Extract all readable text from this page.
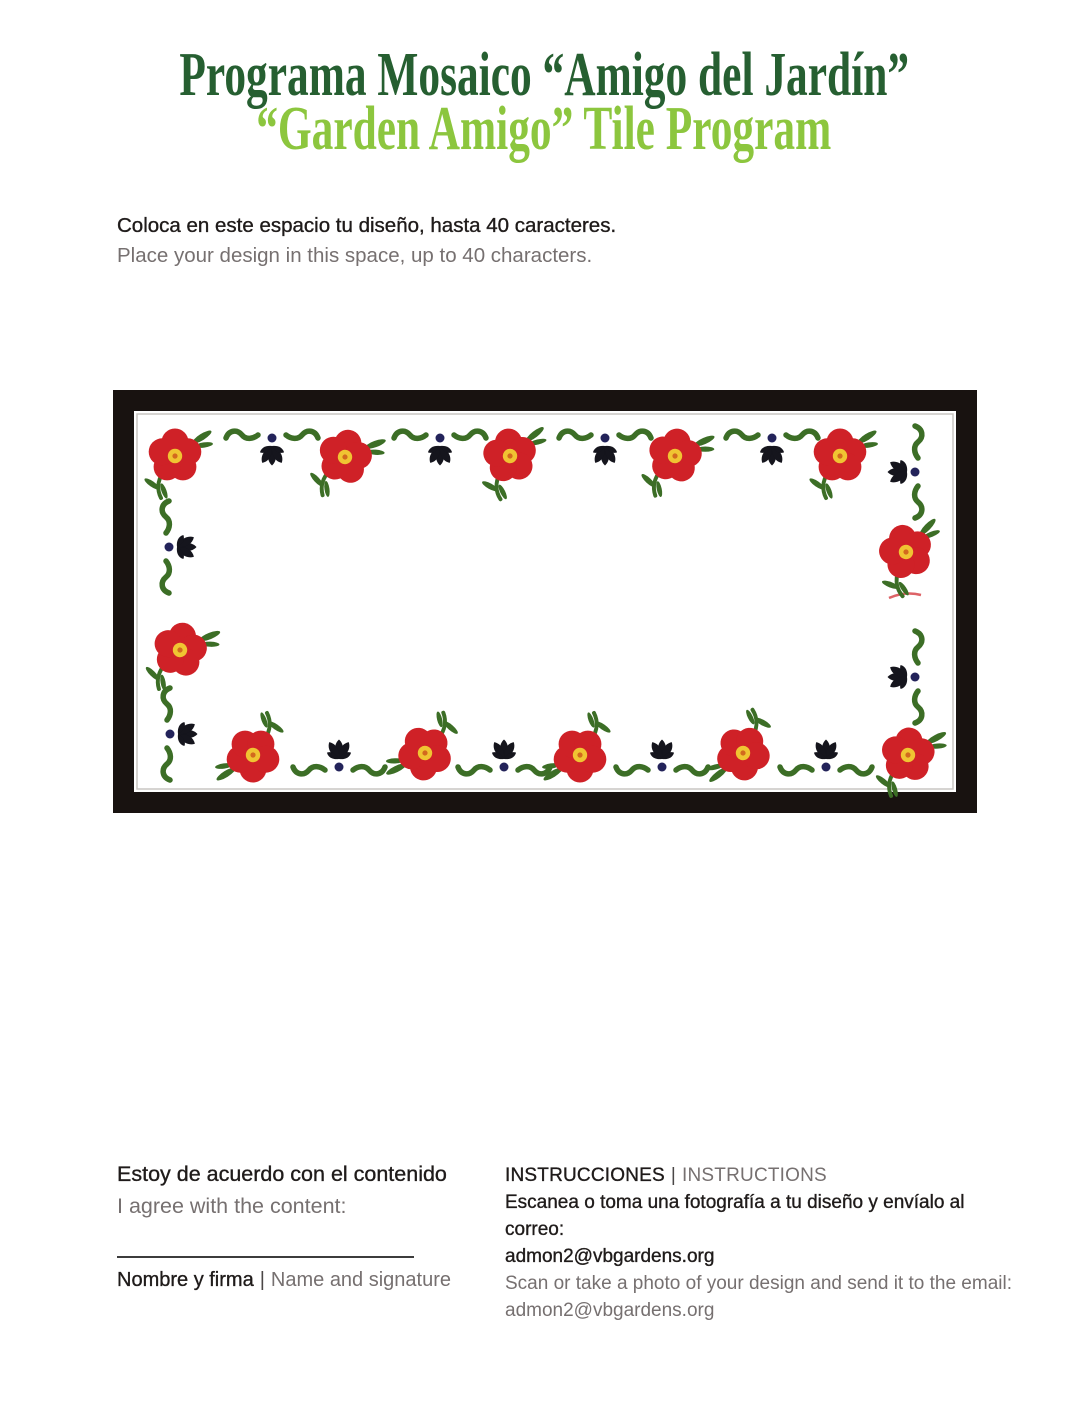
Programa Mosaico “Amigo del Jardín”
“Garden Amigo” Tile Program
Coloca en este espacio tu diseño, hasta 40 caracteres.
Place your design in this space, up to 40 characters.
Estoy de acuerdo con el contenido
I agree with the content:
Nombre y firma | Name and signature
INSTRUCCIONES | INSTRUCTIONS
Escanea o toma una fotografía a tu diseño y envíalo al correo:
admon2@vbgardens.org
Scan or take a photo of your design and send it to the email:
admon2@vbgardens.org
